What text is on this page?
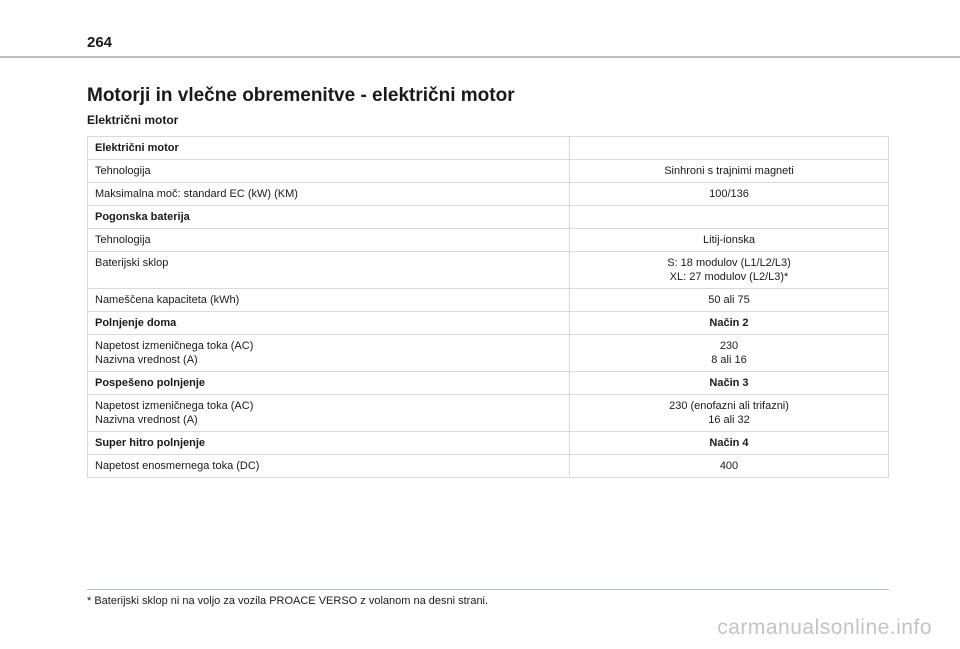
264
Motorji in vlečne obremenitve - električni motor
Električni motor
Električni motor	

Tehnologija	Sinhroni s trajnimi magneti

Maksimalna moč: standard EC (kW) (KM)	100/136

Pogonska baterija	

Tehnologija	Litij-ionska

Baterijski sklop	S: 18 modulov (L1/L2/L3)
XL: 27 modulov (L2/L3)*

Nameščena kapaciteta (kWh)	50 ali 75

Polnjenje doma	Način 2

Napetost izmeničnega toka (AC)
Nazivna vrednost (A)	230
8 ali 16

Pospešeno polnjenje	Način 3

Napetost izmeničnega toka (AC)
Nazivna vrednost (A)	230 (enofazni ali trifazni)
16 ali 32

Super hitro polnjenje	Način 4

Napetost enosmernega toka (DC)	400

* Baterijski sklop ni na voljo za vozila PROACE VERSO z volanom na desni strani.

carmanualsonline.info
